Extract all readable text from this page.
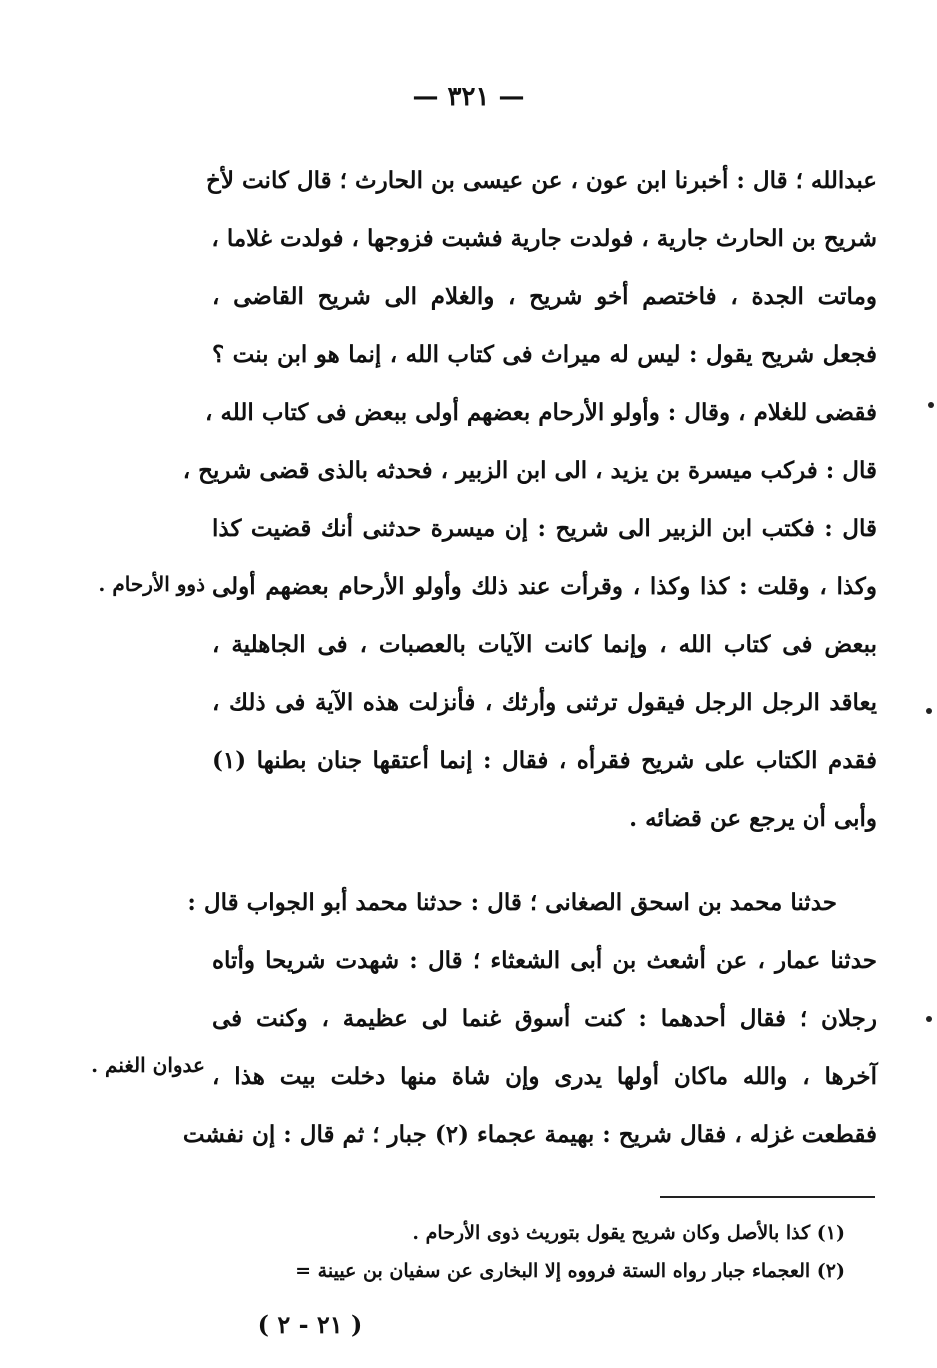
— ٣٢١ —
عبدالله ؛ قال : أخبرنا ابن عون ، عن عيسى بن الحارث ؛ قال كانت لأخ
شريح بن الحارث جارية ، فولدت جارية فشبت فزوجها ، فولدت غلاما ،
وماتت الجدة ، فاختصم أخو شريح ، والغلام الى شريح القاضى ،
فجعل شريح يقول : ليس له ميراث فى كتاب الله ، إنما هو ابن بنت ؟
فقضى للغلام ، وقال : وأولو الأرحام بعضهم أولى ببعض فى كتاب الله ،
قال : فركب ميسرة بن يزيد ، الى ابن الزبير ، فحدثه بالذى قضى شريح ،
قال : فكتب ابن الزبير الى شريح : إن ميسرة حدثنى أنك قضيت كذا
وكذا ، وقلت : كذا وكذا ، وقرأت عند ذلك وأولو الأرحام بعضهم أولى
ببعض فى كتاب الله ، وإنما كانت الآيات بالعصبات ، فى الجاهلية ،
يعاقد الرجل الرجل فيقول ترثنى وأرثك ، فأنزلت هذه الآية فى ذلك ،
فقدم الكتاب على شريح فقرأه ، فقال : إنما أعتقها جنان بطنها (١)
وأبى أن يرجع عن قضائه .
حدثنا محمد بن اسحق الصغانى ؛ قال : حدثنا محمد أبو الجواب قال :
حدثنا عمار ، عن أشعث بن أبى الشعثاء ؛ قال : شهدت شريحا وأتاه
رجلان ؛ فقال أحدهما : كنت أسوق غنما لى عظيمة ، وكنت فى
آخرها ، والله ماكان أولها يدرى وإن شاة منها دخلت بيت هذا ،
فقطعت غزله ، فقال شريح : بهيمة عجماء (٢) جبار ؛ ثم قال : إن نفشت
ذوو الأرحام .
عدوان الغنم .
(١) كذا بالأصل وكان شريح يقول بتوريث ذوى الأرحام .
(٢) العجماء جبار رواه الستة فرووه إلا البخارى عن سفيان بن عيينة =
( ٢١ - ٢ )
